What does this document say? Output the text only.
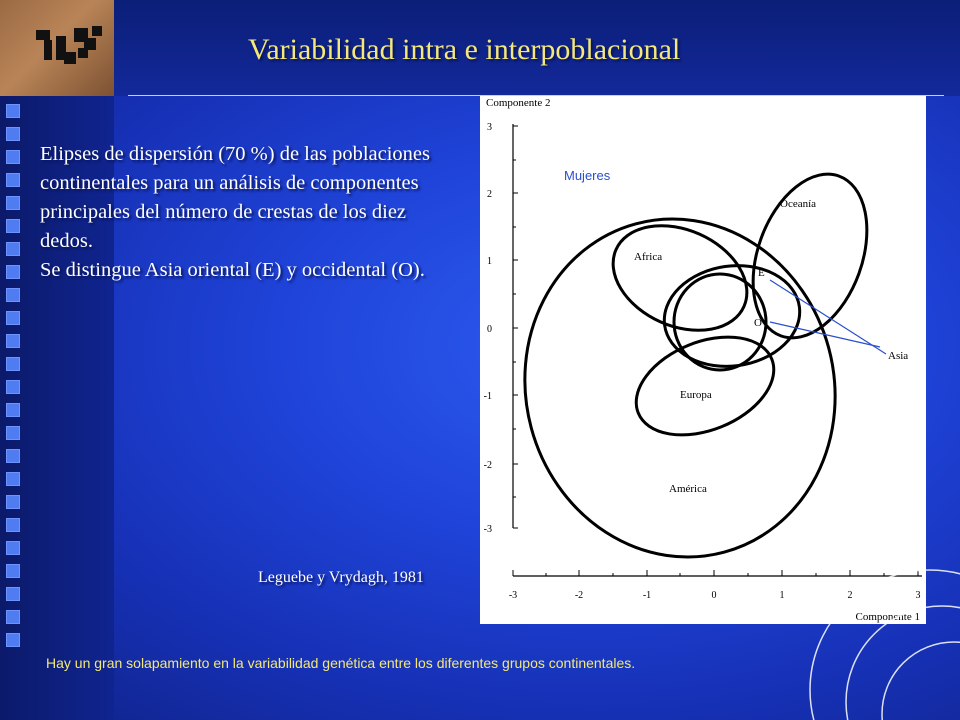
Variabilidad intra e interpoblacional

Elipses de dispersión (70 %) de las poblaciones continentales para un análisis de componentes principales del número de crestas de los diez dedos.

Se distingue Asia oriental (E) y occidental (O).

3
2
1
0
-1
-2
-3
-3	-2	-1	0	1	2	3
Componente 2
Componente 1
Mujeres
Africa
Oceanía
E
O
Asia
Europa
América
Leguebe y Vrydagh, 1981
Hay un gran solapamiento en la variabilidad genética entre los diferentes grupos continentales.
